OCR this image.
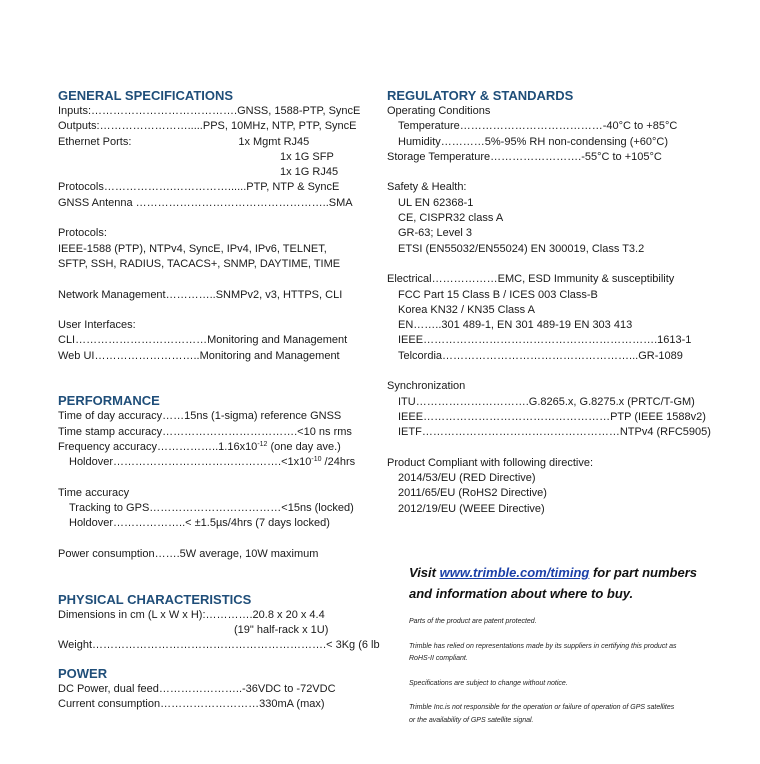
GENERAL SPECIFICATIONS
Inputs:………………………………….GNSS, 1588-PTP, SyncE
Outputs:…………………….....PPS, 10MHz, NTP, PTP, SyncE
Ethernet Ports:                                   1x Mgmt RJ45
1x 1G SFP
1x 1G RJ45
Protocols……………….……………......PTP, NTP & SyncE
GNSS Antenna ……………………………………………..SMA
Protocols:
IEEE-1588 (PTP), NTPv4, SyncE, IPv4, IPv6, TELNET,
SFTP, SSH, RADIUS, TACACS+, SNMP, DAYTIME, TIME
Network Management…………..SNMPv2, v3, HTTPS, CLI
User Interfaces:
CLI………………………………Monitoring and Management
Web UI………………………..Monitoring and Management
PERFORMANCE
Time of day accuracy……15ns (1-sigma) reference GNSS
Time stamp accuracy……………………………….<10 ns rms
Frequency $accuracy\dots\dots\dots\dots\dots..1.16x10^{-12}$ (one day ave.)
$Holdover\dots\dots\dots\dots\dots\dots\dots\dots\dots\dots\dots\dots\dots\dots\dots.<1x10^{-10}$ /24hrs
Time accuracy
Tracking to GPS………………………………<15ns (locked)
Holdover………………..< ±1.5µs/4hrs (7 days locked)
Power consumption…….5W average, 10W maximum
PHYSICAL CHARACTERISTICS
Dimensions in cm (L x W x H):………….20.8 x 20 x 4.4
(19" half-rack x 1U)
Weight……………………………………………………….< 3Kg (6 lb
POWER
DC Power, dual feed…………………..-36VDC to -72VDC
Current consumption………………………330mA (max)
REGULATORY & STANDARDS
Operating Conditions
Temperature…………………………………-40°C to +85°C
Humidity…………5%-95% RH non-condensing (+60°C)
Storage Temperature…………………….-55°C to +105°C
Safety & Health:
UL EN 62368-1
CE, CISPR32 class A
GR-63; Level 3
ETSI (EN55032/EN55024) EN 300019, Class T3.2
Electrical………………EMC, ESD Immunity & susceptibility
FCC Part 15 Class B / ICES 003 Class-B
Korea KN32 / KN35 Class A
EN……..301 489-1, EN 301 489-19 EN 303 413
IEEE……………………………………………………….1613-1
Telcordia……………………………………………...GR-1089
Synchronization
ITU………………………….G.8265.x, G.8275.x (PRTC/T-GM)
IEEE……………………………………………PTP (IEEE 1588v2)
IETF………………………………………………NTPv4 (RFC5905)
Product Compliant with following directive:
2014/53/EU (RED Directive)
2011/65/EU (RoHS2 Directive)
2012/19/EU (WEEE Directive)
Visit www.trimble.com/timing for part numbers
and information about where to buy.
Parts of the product are patent protected.
Trimble has relied on representations made by its suppliers in certifying this product as
RoHS-II compliant.
Specifications are subject to change without notice.
Trimble Inc.is not responsible for the operation or failure of operation of GPS satellites
or the availability of GPS satellite signal.
